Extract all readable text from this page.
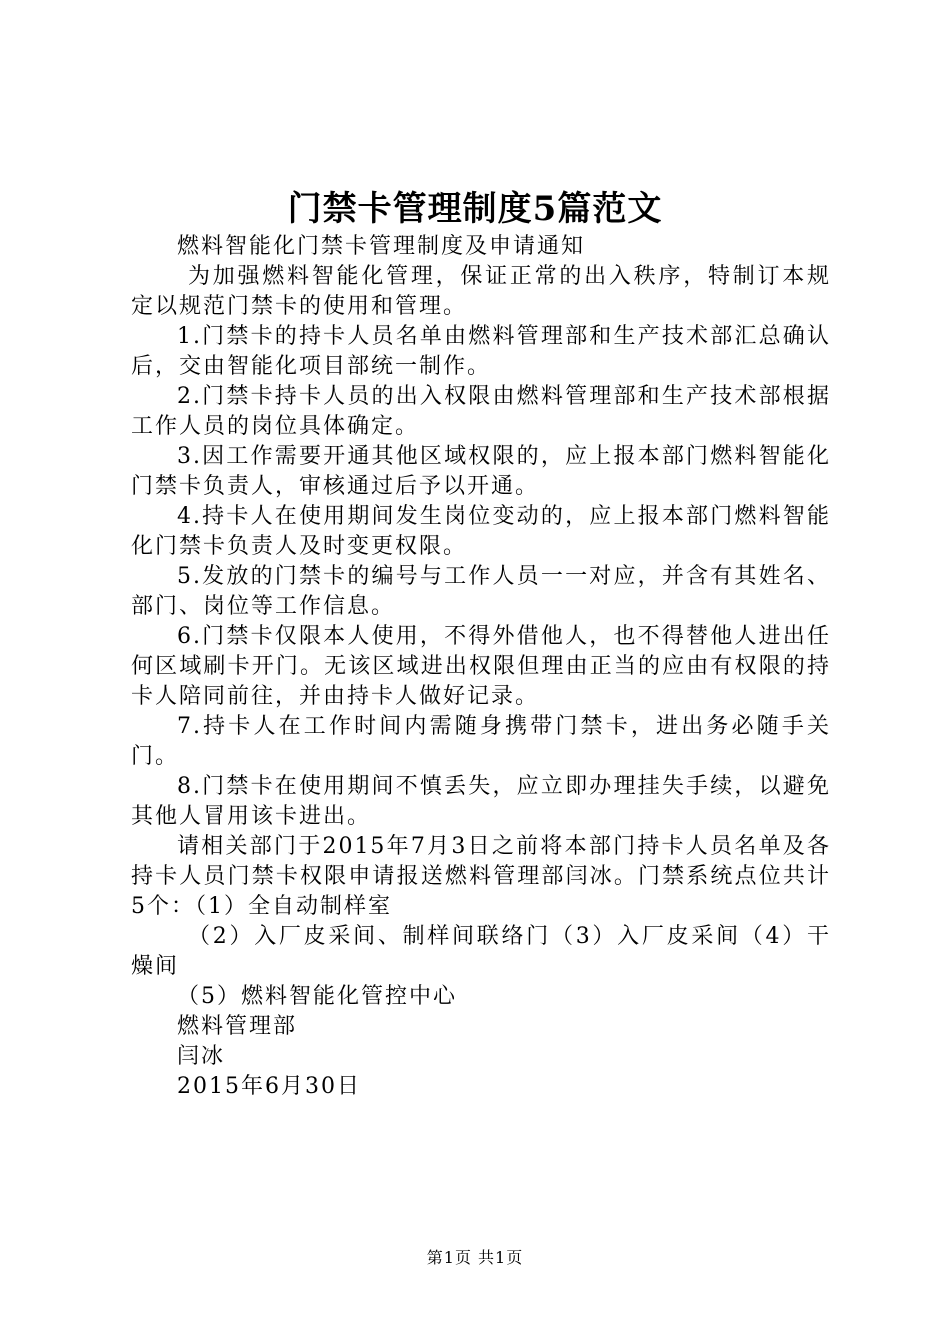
门禁卡管理制度5篇范文

燃料智能化门禁卡管理制度及申请通知

为加强燃料智能化管理，保证正常的出入秩序，特制订本规定以规范门禁卡的使用和管理。

1.门禁卡的持卡人员名单由燃料管理部和生产技术部汇总确认后，交由智能化项目部统一制作。

2.门禁卡持卡人员的出入权限由燃料管理部和生产技术部根据工作人员的岗位具体确定。

3.因工作需要开通其他区域权限的，应上报本部门燃料智能化门禁卡负责人，审核通过后予以开通。

4.持卡人在使用期间发生岗位变动的，应上报本部门燃料智能化门禁卡负责人及时变更权限。

5.发放的门禁卡的编号与工作人员一一对应，并含有其姓名、部门、岗位等工作信息。

6.门禁卡仅限本人使用，不得外借他人，也不得替他人进出任何区域刷卡开门。无该区域进出权限但理由正当的应由有权限的持卡人陪同前往，并由持卡人做好记录。

7.持卡人在工作时间内需随身携带门禁卡，进出务必随手关门。

8.门禁卡在使用期间不慎丢失，应立即办理挂失手续，以避免其他人冒用该卡进出。

请相关部门于2015年7月3日之前将本部门持卡人员名单及各持卡人员门禁卡权限申请报送燃料管理部闫冰。门禁系统点位共计5个：（1）全自动制样室

（2）入厂皮采间、制样间联络门（3）入厂皮采间（4）干燥间

（5）燃料智能化管控中心

燃料管理部

闫冰

2015年6月30日

第1页 共1页
